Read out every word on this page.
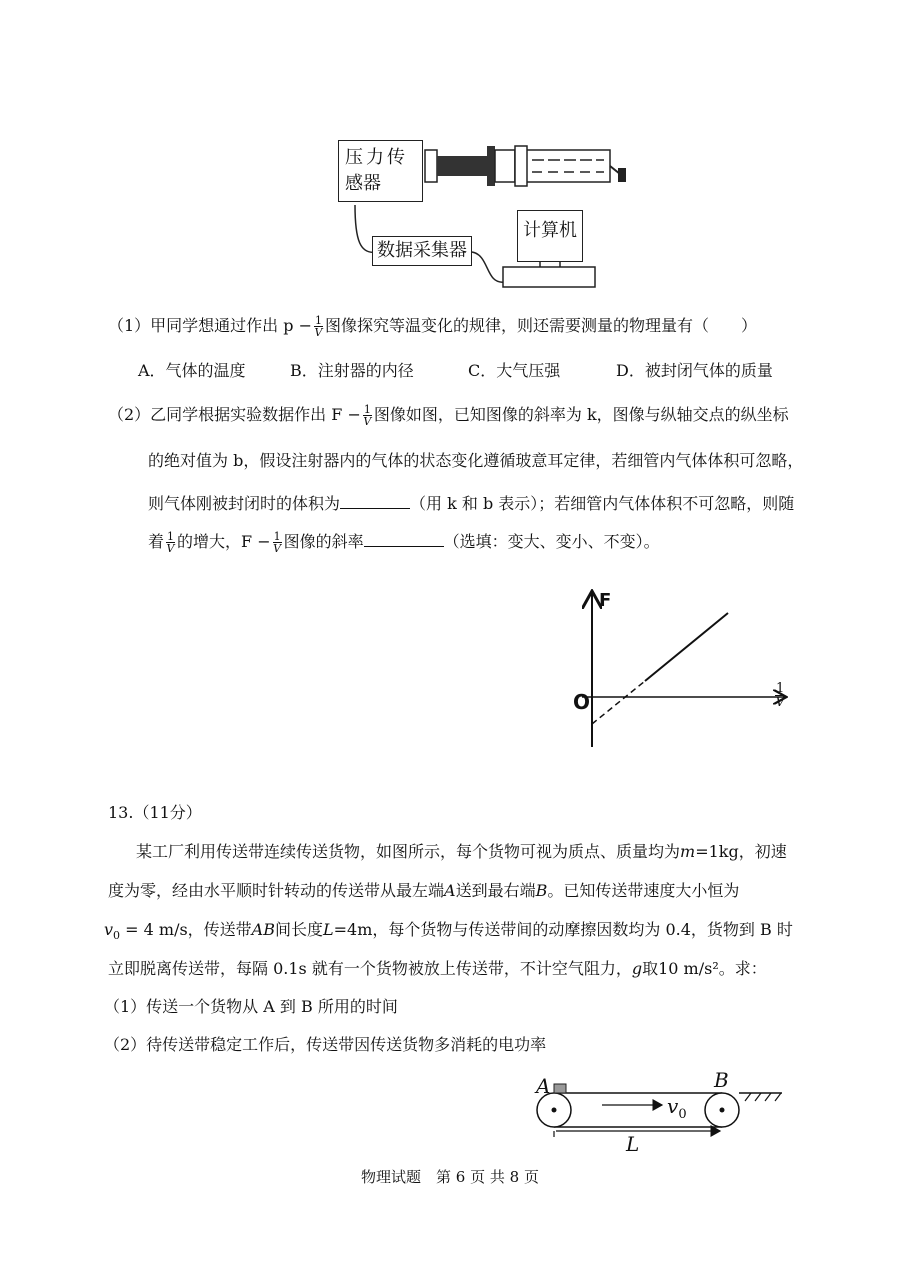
压力传
感器
数据采集器
计算机
（1）甲同学想通过作出 $p - \frac{1}{V}$ 图像探究等温变化的规律，则还需要测量的物理量有（　　）
A．气体的温度	B．注射器的内径	C．大气压强	D．被封闭气体的质量
（2）乙同学根据实验数据作出 $F - \frac{1}{V}$ 图像如图，已知图像的斜率为 k，图像与纵轴交点的纵坐标
的绝对值为 b，假设注射器内的气体的状态变化遵循玻意耳定律，若细管内气体体积可忽略，
则气体刚被封闭时的体积为	（用 k 和 b 表示）；若细管内气体体积不可忽略，则随
着 $\frac{1}{V}$ 的增大，$F - \frac{1}{V}$ 图像的斜率	（选填：变大、变小、不变）。
F
O	$\frac{1}{V}$
13.（11分）
某工厂利用传送带连续传送货物，如图所示，每个货物可视为质点、质量均为m=1kg，初速
度为零，经由水平顺时针转动的传送带从最左端A送到最右端B。已知传送带速度大小恒为
$v_0 = 4$ m/s，传送带AB间长度L=4m，每个货物与传送带间的动摩擦因数均为 0.4，货物到 B 时
立即脱离传送带，每隔 0.1s 就有一个货物被放上传送带，不计空气阻力，g取10 m/s²。求：
（1）传送一个货物从 A 到 B 所用的时间
（2）待传送带稳定工作后，传送带因传送货物多消耗的电功率
A	B
$v_0$
L
物理试题　第 6 页 共 8 页
